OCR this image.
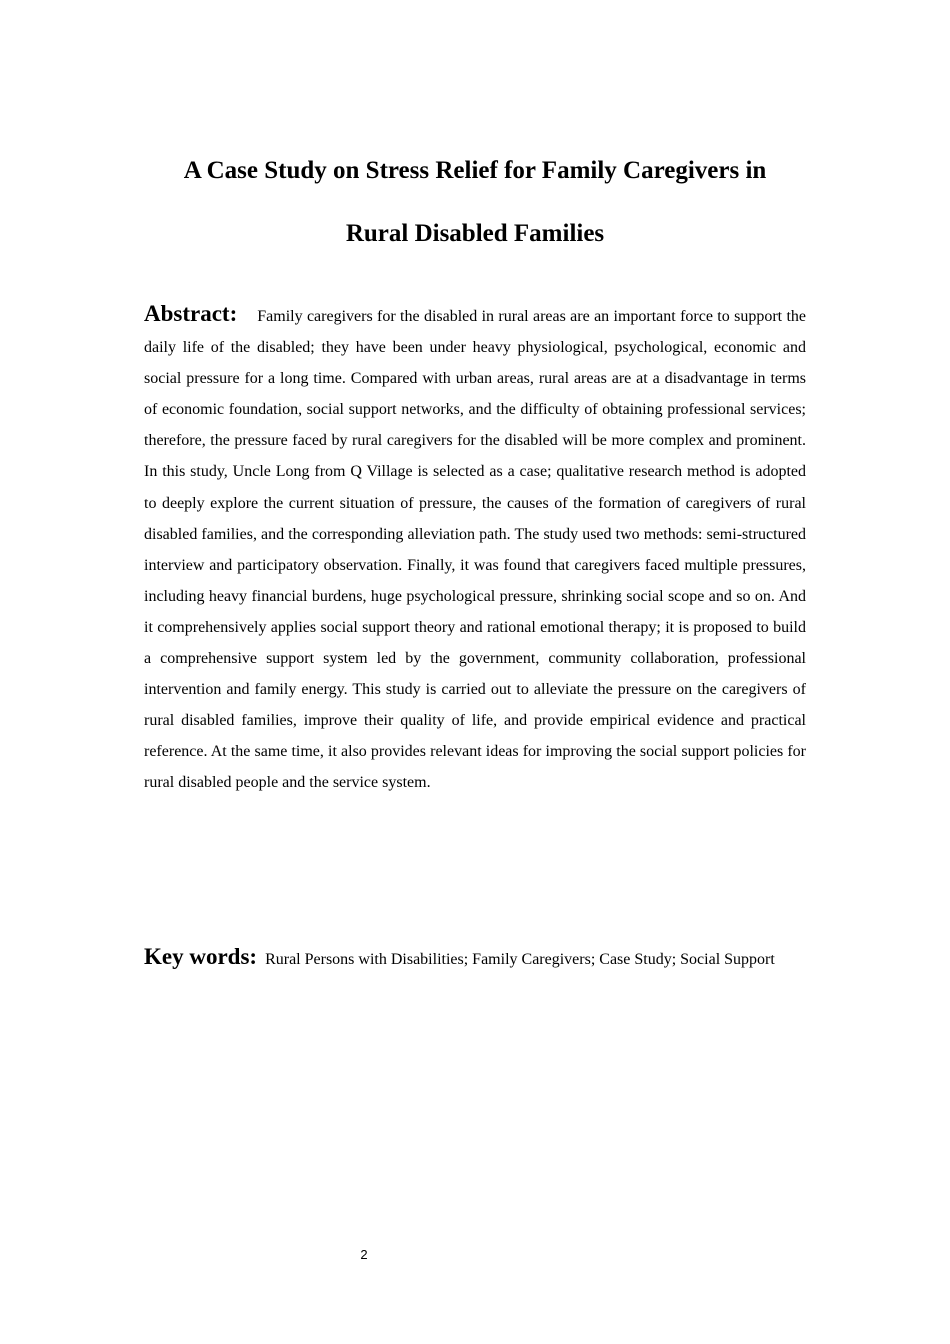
A Case Study on Stress Relief for Family Caregivers in
Rural Disabled Families

Abstract: Family caregivers for the disabled in rural areas are an important force to support the daily life of the disabled; they have been under heavy physiological, psychological, economic and social pressure for a long time. Compared with urban areas, rural areas are at a disadvantage in terms of economic foundation, social support networks, and the difficulty of obtaining professional services; therefore, the pressure faced by rural caregivers for the disabled will be more complex and prominent. In this study, Uncle Long from Q Village is selected as a case; qualitative research method is adopted to deeply explore the current situation of pressure, the causes of the formation of caregivers of rural disabled families, and the corresponding alleviation path. The study used two methods: semi-structured interview and participatory observation. Finally, it was found that caregivers faced multiple pressures, including heavy financial burdens, huge psychological pressure, shrinking social scope and so on. And it comprehensively applies social support theory and rational emotional therapy; it is proposed to build a comprehensive support system led by the government, community collaboration, professional intervention and family energy. This study is carried out to alleviate the pressure on the caregivers of rural disabled families, improve their quality of life, and provide empirical evidence and practical reference. At the same time, it also provides relevant ideas for improving the social support policies for rural disabled people and the service system.

Key words: Rural Persons with Disabilities; Family Caregivers; Case Study; Social Support

2
